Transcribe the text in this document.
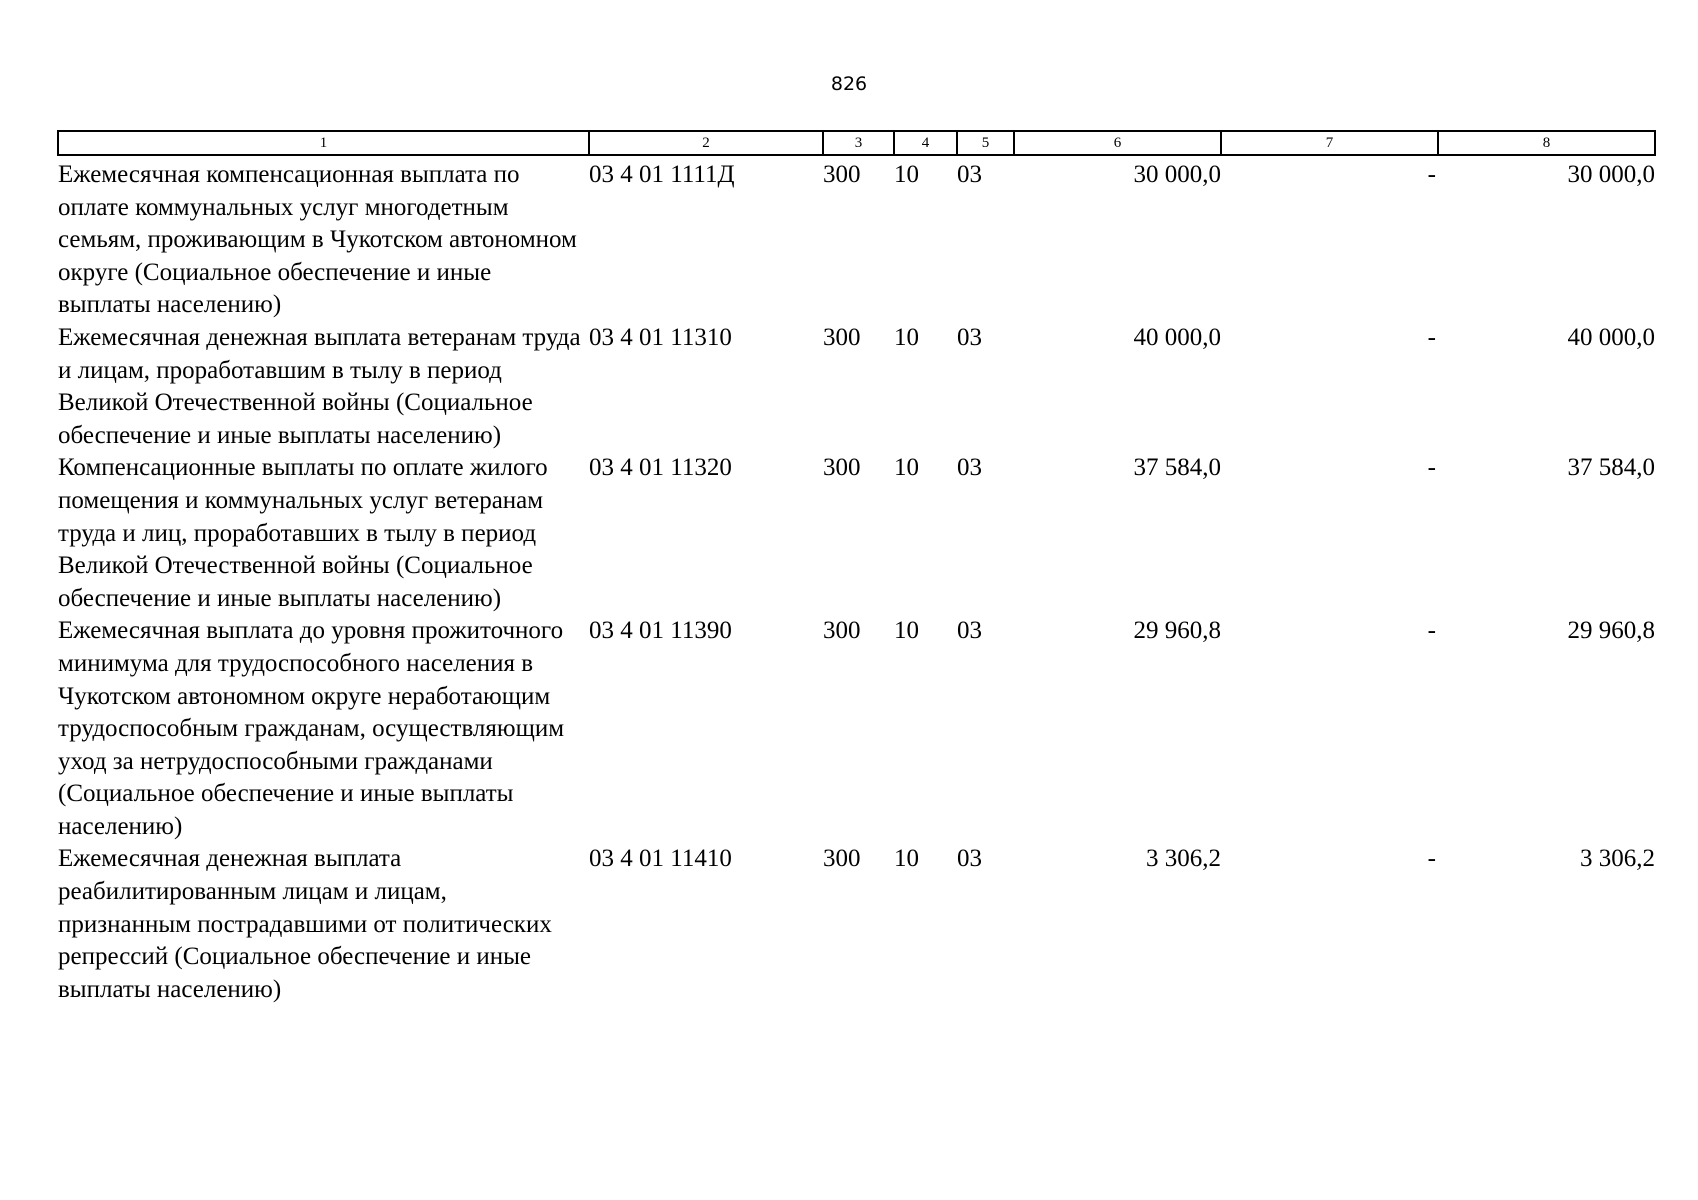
826
1	2	3	4	5	6	7	8
Ежемесячная компенсационная выплата по оплате коммунальных услуг многодетным семьям, проживающим в Чукотском автономном округе (Социальное обеспечение и иные выплаты населению)	03 4 01 1111Д	300	10	03	30 000,0	-	30 000,0
Ежемесячная денежная выплата ветеранам труда и лицам, проработавшим в тылу в период Великой Отечественной войны (Социальное обеспечение и иные выплаты населению)	03 4 01 11310	300	10	03	40 000,0	-	40 000,0
Компенсационные выплаты по оплате жилого помещения и коммунальных услуг ветеранам труда и лиц, проработавших в тылу в период Великой Отечественной войны (Социальное обеспечение и иные выплаты населению)	03 4 01 11320	300	10	03	37 584,0	-	37 584,0
Ежемесячная выплата до уровня прожиточного минимума для трудоспособного населения в Чукотском автономном округе неработающим трудоспособным гражданам, осуществляющим уход за нетрудоспособными гражданами (Социальное обеспечение и иные выплаты населению)	03 4 01 11390	300	10	03	29 960,8	-	29 960,8
Ежемесячная денежная выплата реабилитированным лицам и лицам, признанным пострадавшими от политических репрессий (Социальное обеспечение и иные выплаты населению)	03 4 01 11410	300	10	03	3 306,2	-	3 306,2
